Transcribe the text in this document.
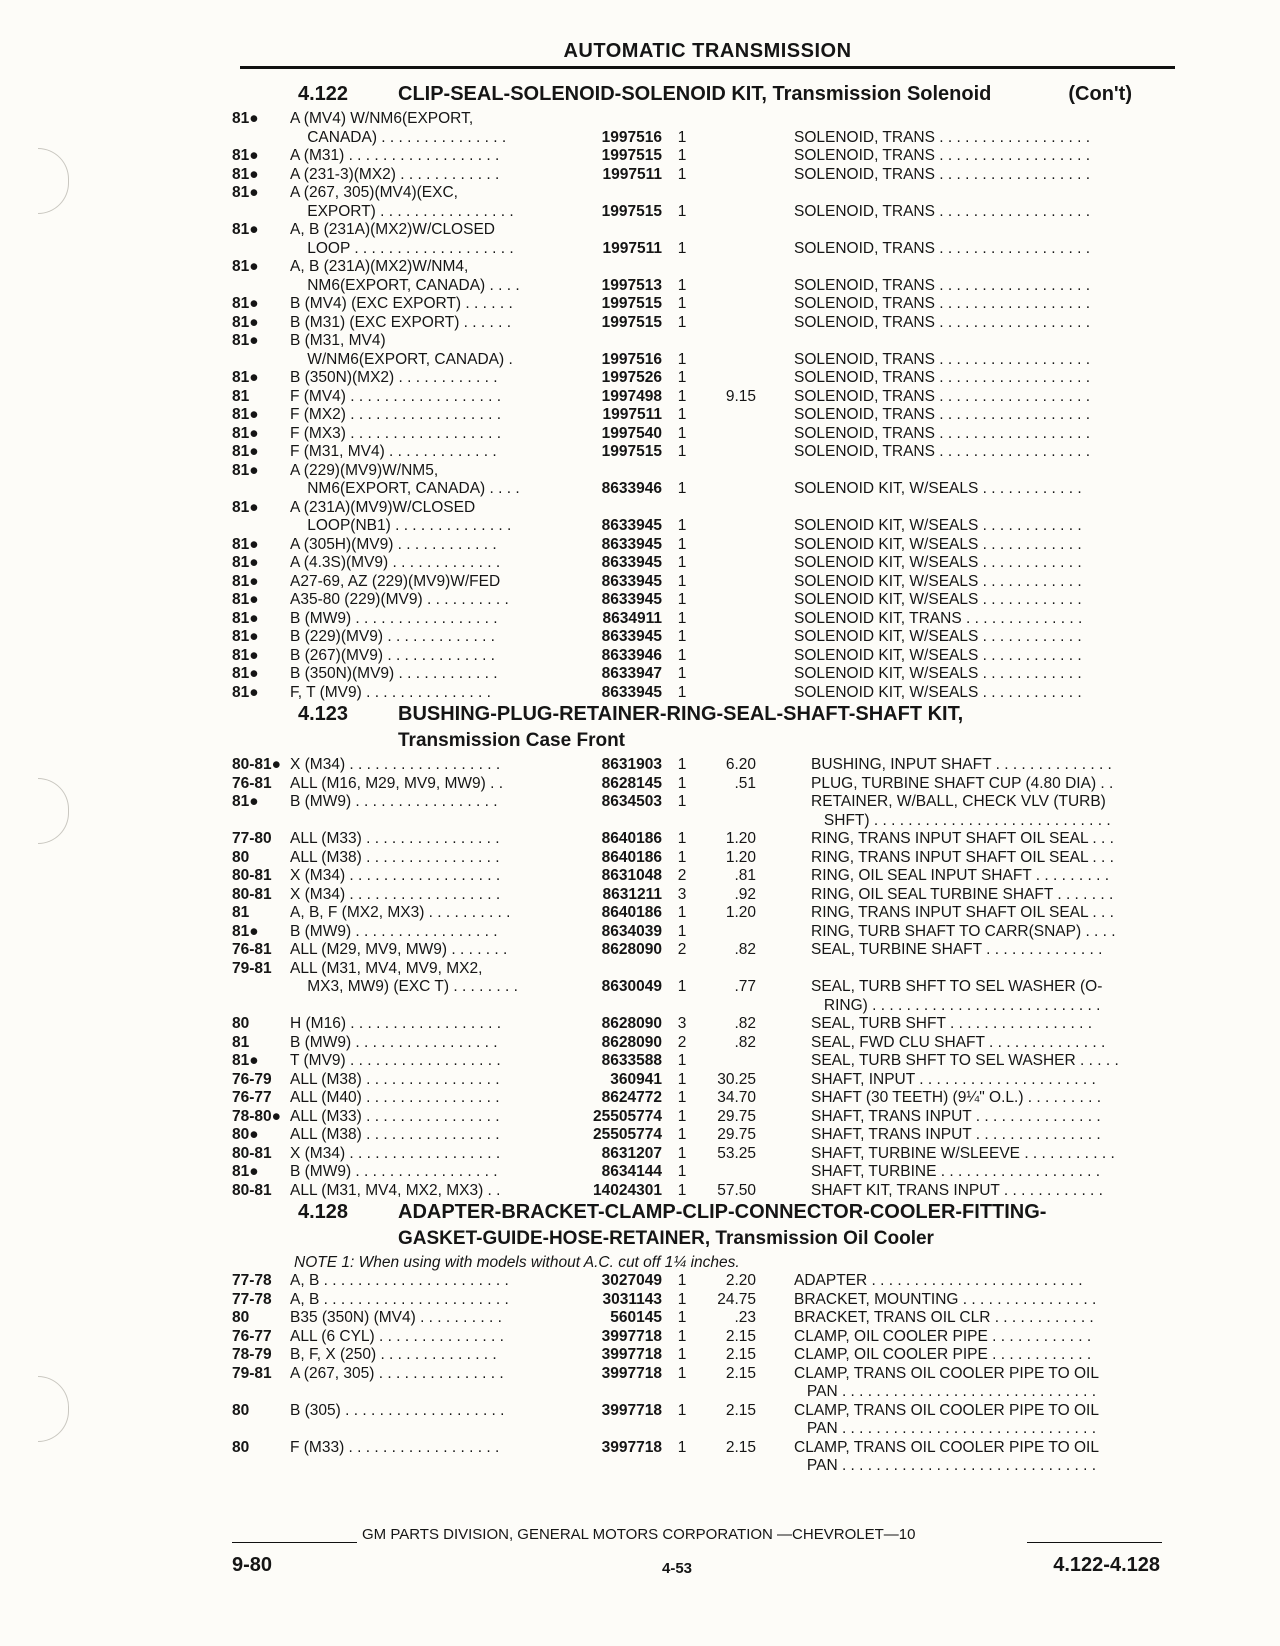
AUTOMATIC TRANSMISSION
4.122	CLIP-SEAL-SOLENOID-SOLENOID KIT, Transmission Solenoid	(Con't)
81●	A (MV4) W/NM6(EXPORT,
CANADA) . . . . . . . . . . . . . . .	1997516	1	SOLENOID, TRANS . . . . . . . . . . . . . . . . . .
81●	A (M31) . . . . . . . . . . . . . . . . . .	1997515	1	SOLENOID, TRANS . . . . . . . . . . . . . . . . . .
81●	A (231-3)(MX2) . . . . . . . . . . . .	1997511	1	SOLENOID, TRANS . . . . . . . . . . . . . . . . . .
81●	A (267, 305)(MV4)(EXC,
EXPORT) . . . . . . . . . . . . . . . .	1997515	1	SOLENOID, TRANS . . . . . . . . . . . . . . . . . .
81●	A, B (231A)(MX2)W/CLOSED
LOOP . . . . . . . . . . . . . . . . . . .	1997511	1	SOLENOID, TRANS . . . . . . . . . . . . . . . . . .
81●	A, B (231A)(MX2)W/NM4,
NM6(EXPORT, CANADA) . . . .	1997513	1	SOLENOID, TRANS . . . . . . . . . . . . . . . . . .
81●	B (MV4) (EXC EXPORT) . . . . . .	1997515	1	SOLENOID, TRANS . . . . . . . . . . . . . . . . . .
81●	B (M31) (EXC EXPORT) . . . . . .	1997515	1	SOLENOID, TRANS . . . . . . . . . . . . . . . . . .
81●	B (M31, MV4)
W/NM6(EXPORT, CANADA) .	1997516	1	SOLENOID, TRANS . . . . . . . . . . . . . . . . . .
81●	B (350N)(MX2) . . . . . . . . . . . .	1997526	1	SOLENOID, TRANS . . . . . . . . . . . . . . . . . .
81	F (MV4) . . . . . . . . . . . . . . . . . .	1997498	1	9.15	SOLENOID, TRANS . . . . . . . . . . . . . . . . . .
81●	F (MX2) . . . . . . . . . . . . . . . . . .	1997511	1	SOLENOID, TRANS . . . . . . . . . . . . . . . . . .
81●	F (MX3) . . . . . . . . . . . . . . . . . .	1997540	1	SOLENOID, TRANS . . . . . . . . . . . . . . . . . .
81●	F (M31, MV4) . . . . . . . . . . . . .	1997515	1	SOLENOID, TRANS . . . . . . . . . . . . . . . . . .
81●	A (229)(MV9)W/NM5,
NM6(EXPORT, CANADA) . . . .	8633946	1	SOLENOID KIT, W/SEALS . . . . . . . . . . . .
81●	A (231A)(MV9)W/CLOSED
LOOP(NB1) . . . . . . . . . . . . . .	8633945	1	SOLENOID KIT, W/SEALS . . . . . . . . . . . .
81●	A (305H)(MV9) . . . . . . . . . . . .	8633945	1	SOLENOID KIT, W/SEALS . . . . . . . . . . . .
81●	A (4.3S)(MV9) . . . . . . . . . . . . .	8633945	1	SOLENOID KIT, W/SEALS . . . . . . . . . . . .
81●	A27-69, AZ (229)(MV9)W/FED	8633945	1	SOLENOID KIT, W/SEALS . . . . . . . . . . . .
81●	A35-80 (229)(MV9) . . . . . . . . . .	8633945	1	SOLENOID KIT, W/SEALS . . . . . . . . . . . .
81●	B (MW9) . . . . . . . . . . . . . . . . .	8634911	1	SOLENOID KIT, TRANS . . . . . . . . . . . . . .
81●	B (229)(MV9) . . . . . . . . . . . . .	8633945	1	SOLENOID KIT, W/SEALS . . . . . . . . . . . .
81●	B (267)(MV9) . . . . . . . . . . . . .	8633946	1	SOLENOID KIT, W/SEALS . . . . . . . . . . . .
81●	B (350N)(MV9) . . . . . . . . . . . .	8633947	1	SOLENOID KIT, W/SEALS . . . . . . . . . . . .
81●	F, T (MV9) . . . . . . . . . . . . . . .	8633945	1	SOLENOID KIT, W/SEALS . . . . . . . . . . . .
4.123	BUSHING-PLUG-RETAINER-RING-SEAL-SHAFT-SHAFT KIT,
Transmission Case Front
80-81● X (M34) . . . . . . . . . . . . . . . . . .	8631903	1	6.20	BUSHING, INPUT SHAFT . . . . . . . . . . . . . .
76-81	ALL (M16, M29, MV9, MW9) . .	8628145	1	.51	PLUG, TURBINE SHAFT CUP (4.80 DIA) . .
81●	B (MW9) . . . . . . . . . . . . . . . . .	8634503	1	RETAINER, W/BALL, CHECK VLV (TURB)
SHFT) . . . . . . . . . . . . . . . . . . . . . . . . . . . .
77-80	ALL (M33) . . . . . . . . . . . . . . . .	8640186	1	1.20	RING, TRANS INPUT SHAFT OIL SEAL . . .
80	ALL (M38) . . . . . . . . . . . . . . . .	8640186	1	1.20	RING, TRANS INPUT SHAFT OIL SEAL . . .
80-81	X (M34) . . . . . . . . . . . . . . . . . .	8631048	2	.81	RING, OIL SEAL INPUT SHAFT . . . . . . . . .
80-81	X (M34) . . . . . . . . . . . . . . . . . .	8631211	3	.92	RING, OIL SEAL TURBINE SHAFT . . . . . . .
81	A, B, F (MX2, MX3) . . . . . . . . . .	8640186	1	1.20	RING, TRANS INPUT SHAFT OIL SEAL . . .
81●	B (MW9) . . . . . . . . . . . . . . . . .	8634039	1	RING, TURB SHAFT TO CARR(SNAP) . . . .
76-81	ALL (M29, MV9, MW9) . . . . . . .	8628090	2	.82	SEAL, TURBINE SHAFT . . . . . . . . . . . . . .
79-81	ALL (M31, MV4, MV9, MX2,
MX3, MW9) (EXC T) . . . . . . . .	8630049	1	.77	SEAL, TURB SHFT TO SEL WASHER (O-
RING) . . . . . . . . . . . . . . . . . . . . . . . . . . .
80	H (M16) . . . . . . . . . . . . . . . . . .	8628090	3	.82	SEAL, TURB SHFT . . . . . . . . . . . . . . . . .
81	B (MW9) . . . . . . . . . . . . . . . . .	8628090	2	.82	SEAL, FWD CLU SHAFT . . . . . . . . . . . . . .
81●	T (MV9) . . . . . . . . . . . . . . . . . .	8633588	1	SEAL, TURB SHFT TO SEL WASHER . . . . .
76-79	ALL (M38) . . . . . . . . . . . . . . . .	360941	1	30.25	SHAFT, INPUT . . . . . . . . . . . . . . . . . . . . .
76-77	ALL (M40) . . . . . . . . . . . . . . . .	8624772	1	34.70	SHAFT (30 TEETH) (9¼" O.L.) . . . . . . . . .
78-80● ALL (M33) . . . . . . . . . . . . . . . .	25505774	1	29.75	SHAFT, TRANS INPUT . . . . . . . . . . . . . . .
80●	ALL (M38) . . . . . . . . . . . . . . . .	25505774	1	29.75	SHAFT, TRANS INPUT . . . . . . . . . . . . . . .
80-81	X (M34) . . . . . . . . . . . . . . . . . .	8631207	1	53.25	SHAFT, TURBINE W/SLEEVE . . . . . . . . . . .
81●	B (MW9) . . . . . . . . . . . . . . . . .	8634144	1	SHAFT, TURBINE . . . . . . . . . . . . . . . . . . .
80-81	ALL (M31, MV4, MX2, MX3) . .	14024301	1	57.50	SHAFT KIT, TRANS INPUT . . . . . . . . . . . .
4.128	ADAPTER-BRACKET-CLAMP-CLIP-CONNECTOR-COOLER-FITTING-
GASKET-GUIDE-HOSE-RETAINER, Transmission Oil Cooler
NOTE 1: When using with models without A.C. cut off 1¼ inches.
77-78	A, B . . . . . . . . . . . . . . . . . . . . . .	3027049	1	2.20	ADAPTER . . . . . . . . . . . . . . . . . . . . . . . . .
77-78	A, B . . . . . . . . . . . . . . . . . . . . . .	3031143	1	24.75	BRACKET, MOUNTING . . . . . . . . . . . . . . . .
80	B35 (350N) (MV4) . . . . . . . . . .	560145	1	.23	BRACKET, TRANS OIL CLR . . . . . . . . . . . .
76-77	ALL (6 CYL) . . . . . . . . . . . . . . .	3997718	1	2.15	CLAMP, OIL COOLER PIPE . . . . . . . . . . . .
78-79	B, F, X (250) . . . . . . . . . . . . . .	3997718	1	2.15	CLAMP, OIL COOLER PIPE . . . . . . . . . . . .
79-81	A (267, 305) . . . . . . . . . . . . . . .	3997718	1	2.15	CLAMP, TRANS OIL COOLER PIPE TO OIL
PAN . . . . . . . . . . . . . . . . . . . . . . . . . . . . . .
80	B (305) . . . . . . . . . . . . . . . . . . .	3997718	1	2.15	CLAMP, TRANS OIL COOLER PIPE TO OIL
PAN . . . . . . . . . . . . . . . . . . . . . . . . . . . . . .
80	F (M33) . . . . . . . . . . . . . . . . . .	3997718	1	2.15	CLAMP, TRANS OIL COOLER PIPE TO OIL
PAN . . . . . . . . . . . . . . . . . . . . . . . . . . . . . .
GM PARTS DIVISION, GENERAL MOTORS CORPORATION —CHEVROLET—10
9-80	4-53	4.122-4.128
